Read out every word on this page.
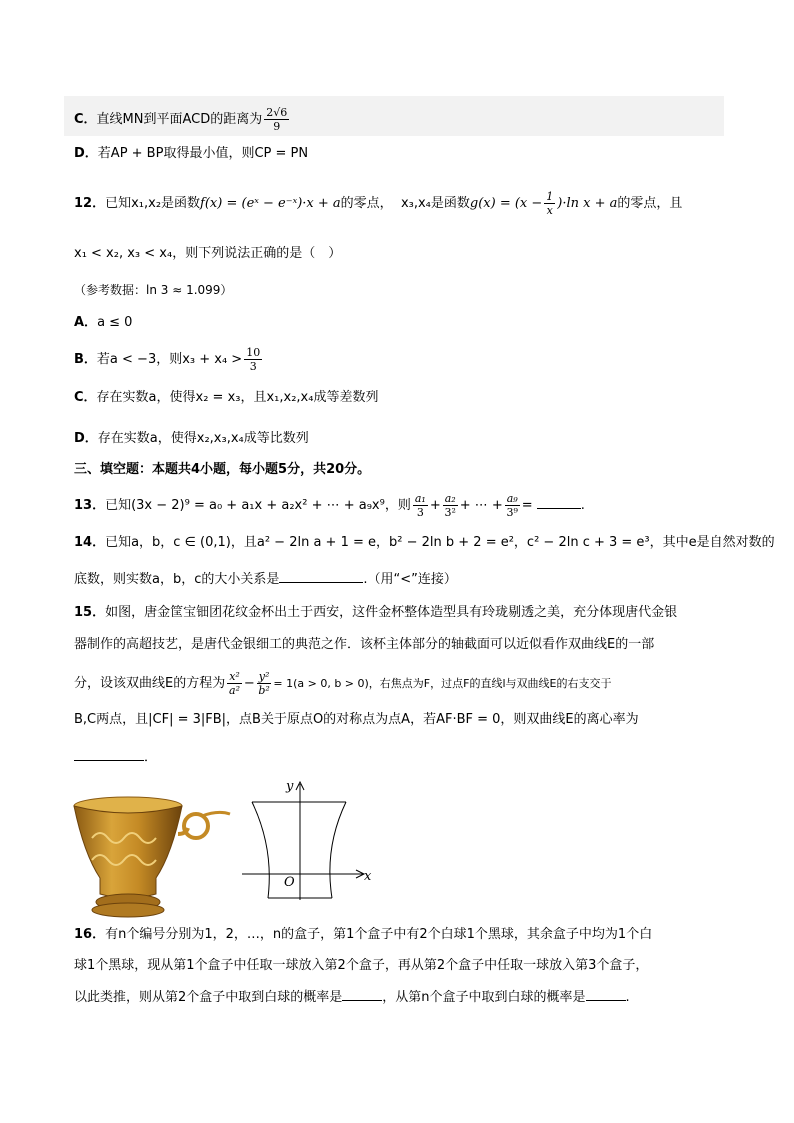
C．直线MN到平面ACD的距离为 $\frac{2√6}{9}$
D．若AP + BP取得最小值，则CP = PN
12．已知x₁,x₂是函数f(x) = (eˣ − e⁻ˣ)·x + a的零点， x₃,x₄是函数$g(x) = (x - \frac{1}{x} )\cdot\ln$ x + a的零点，且
x₁ < x₂, x₃ < x₄，则下列说法正确的是（　）
（参考数据：ln 3 ≈ 1.099）
A．a ≤ 0
B．若a < −3，则$x_3 + x_4 > \frac{10}{3}$
C．存在实数a，使得x₂ = x₃，且x₁,x₂,x₄成等差数列
D．存在实数a，使得x₂,x₃,x₄成等比数列
三、填空题：本题共4小题，每小题5分，共20分。
13．已知(3x − 2)⁹ = a₀ + a₁x + a₂x² + ⋯ + a₉x⁹，则 $\frac{\text{a₁}}{3} + \frac{\text{a₂}}{\text{3²}}$ + ⋯ + $\frac{\text{a₉}}{\text{3⁹}}$ =	.
14．已知a，b，c ∈ (0,1)，且a² − 2ln a + 1 = e，b² − 2ln b + 2 = e²，c² − 2ln c + 3 = e³，其中e是自然对数的
底数，则实数a，b，c的大小关系是	.（用“<”连接）
15．如图，唐金筐宝钿团花纹金杯出土于西安，这件金杯整体造型具有玲珑剔透之美，充分体现唐代金银
器制作的高超技艺，是唐代金银细工的典范之作．该杯主体部分的轴截面可以近似看作双曲线E的一部
分，设该双曲线E的方程为 $\frac{\text{x²}}{\text{a²}} - \frac{\text{y²}}{\text{b²}} = 1(a > 0$, b > 0)，右焦点为F，过点F的直线l与双曲线E的右支交于
B,C两点，且|CF| = 3|FB|，点B关于原点O的对称点为点A，若AF·BF = 0，则双曲线E的离心率为
．
y
x
O
16．有n个编号分别为1，2，…，n的盒子，第1个盒子中有2个白球1个黑球，其余盒子中均为1个白
球1个黑球，现从第1个盒子中任取一球放入第2个盒子，再从第2个盒子中任取一球放入第3个盒子，
以此类推，则从第2个盒子中取到白球的概率是	，从第n个盒子中取到白球的概率是	.
